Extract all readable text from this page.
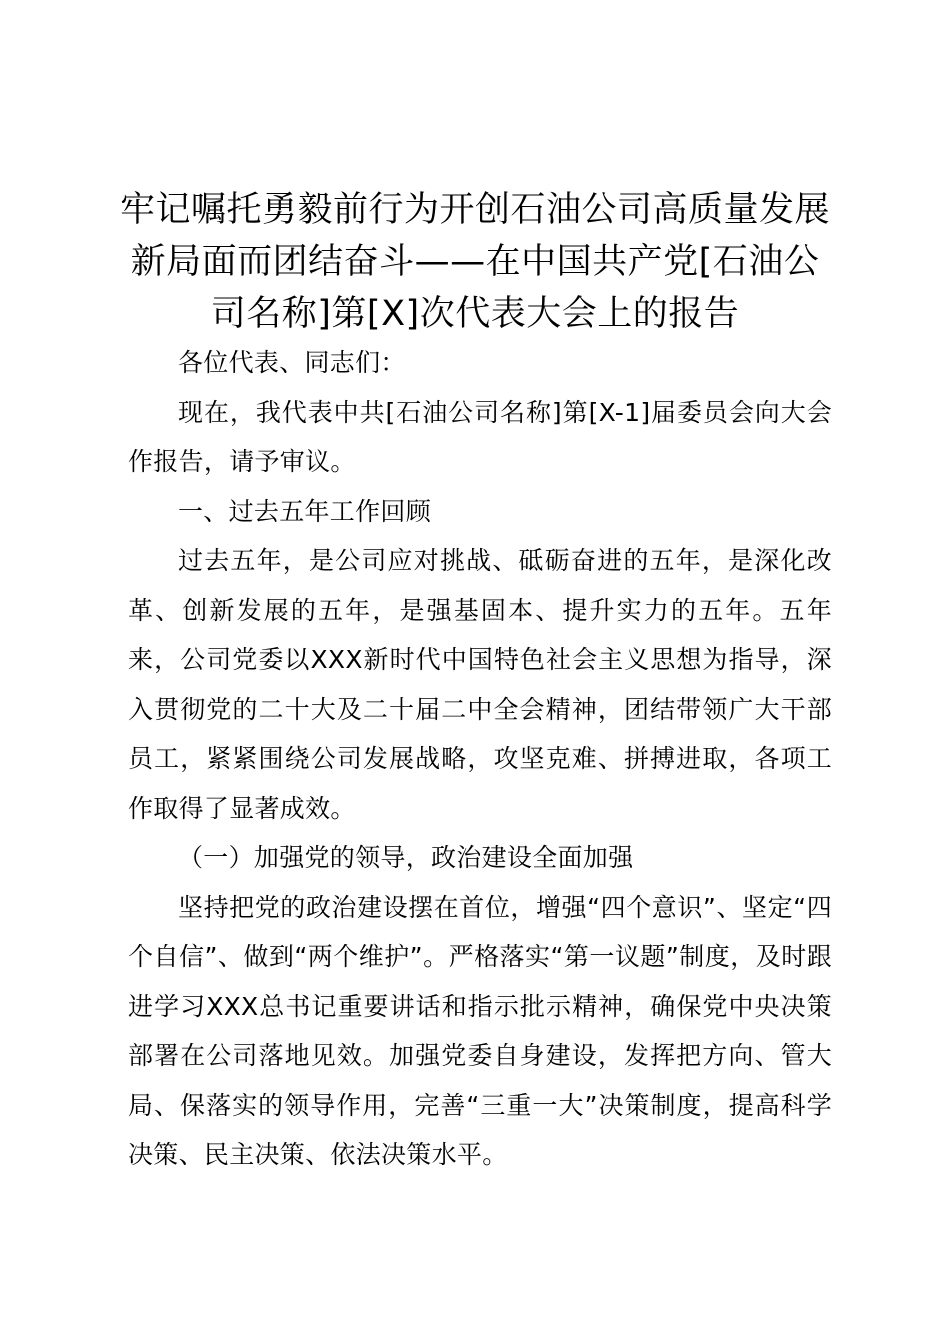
牢记嘱托勇毅前行为开创石油公司高质量发展新局面而团结奋斗——在中国共产党[石油公司名称]第[X]次代表大会上的报告

各位代表、同志们：

现在，我代表中共[石油公司名称]第[X-1]届委员会向大会作报告，请予审议。

一、过去五年工作回顾

过去五年，是公司应对挑战、砥砺奋进的五年，是深化改革、创新发展的五年，是强基固本、提升实力的五年。五年来，公司党委以XXX新时代中国特色社会主义思想为指导，深入贯彻党的二十大及二十届二中全会精神，团结带领广大干部员工，紧紧围绕公司发展战略，攻坚克难、拼搏进取，各项工作取得了显著成效。

（一）加强党的领导，政治建设全面加强

坚持把党的政治建设摆在首位，增强“四个意识”、坚定“四个自信”、做到“两个维护”。严格落实“第一议题”制度，及时跟进学习XXX总书记重要讲话和指示批示精神，确保党中央决策部署在公司落地见效。加强党委自身建设，发挥把方向、管大局、保落实的领导作用，完善“三重一大”决策制度，提高科学决策、民主决策、依法决策水平。
